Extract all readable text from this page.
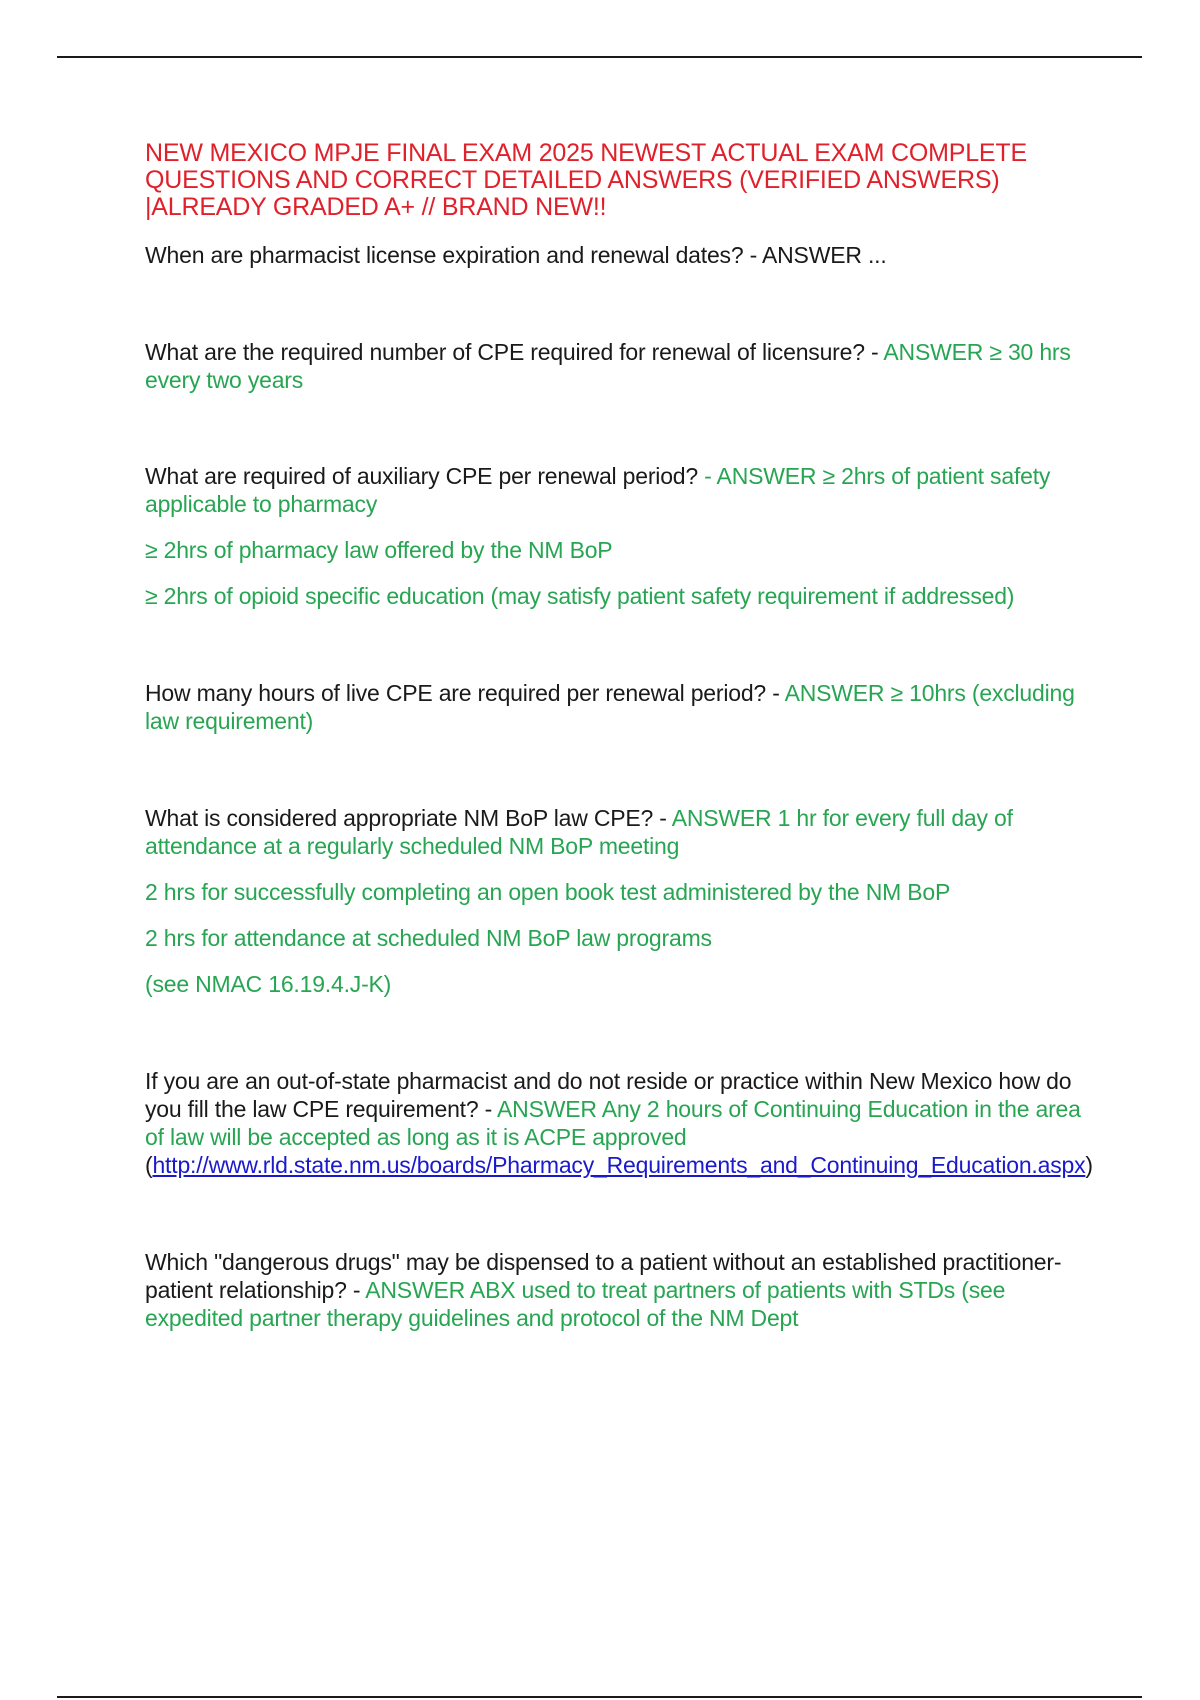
NEW MEXICO MPJE FINAL EXAM 2025 NEWEST ACTUAL EXAM COMPLETE QUESTIONS AND CORRECT DETAILED ANSWERS (VERIFIED ANSWERS) |ALREADY GRADED A+ // BRAND NEW!!
When are pharmacist license expiration and renewal dates? - ANSWER ...
What are the required number of CPE required for renewal of licensure? - ANSWER ≥ 30 hrs every two years
What are required of auxiliary CPE per renewal period? - ANSWER ≥ 2hrs of patient safety applicable to pharmacy
≥ 2hrs of pharmacy law offered by the NM BoP
≥ 2hrs of opioid specific education (may satisfy patient safety requirement if addressed)
How many hours of live CPE are required per renewal period? - ANSWER ≥ 10hrs (excluding law requirement)
What is considered appropriate NM BoP law CPE? - ANSWER 1 hr for every full day of attendance at a regularly scheduled NM BoP meeting
2 hrs for successfully completing an open book test administered by the NM BoP
2 hrs for attendance at scheduled NM BoP law programs
(see NMAC 16.19.4.J-K)
If you are an out-of-state pharmacist and do not reside or practice within New Mexico how do you fill the law CPE requirement? - ANSWER Any 2 hours of Continuing Education in the area of law will be accepted as long as it is ACPE approved
(http://www.rld.state.nm.us/boards/Pharmacy_Requirements_and_Continuing_Education.aspx)
Which "dangerous drugs" may be dispensed to a patient without an established practitioner-patient relationship? - ANSWER ABX used to treat partners of patients with STDs (see expedited partner therapy guidelines and protocol of the NM Dept
